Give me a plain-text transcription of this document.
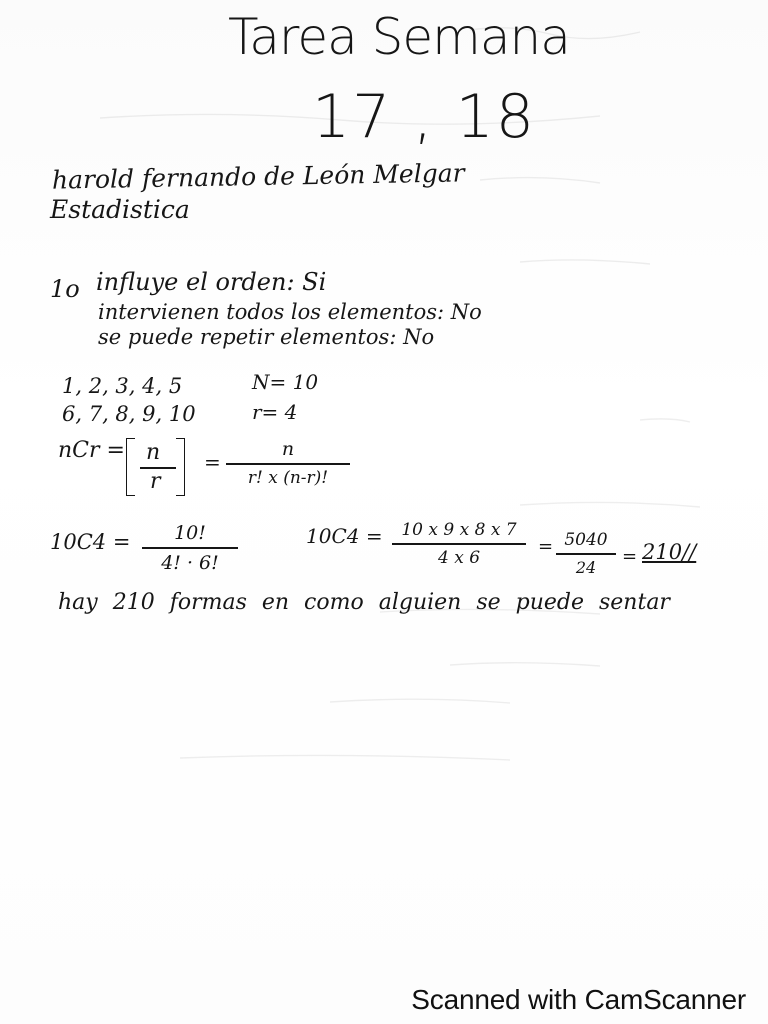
Tarea Semana
17 , 18
harold fernando de León Melgar
Estadistica
1o influye el orden: Si
intervienen todos los elementos: No
se puede repetir elementos: No
1, 2, 3, 4, 5
6, 7, 8, 9, 10
N= 10
r= 4
nCr = n
r
=
n
r! x (n-r)!
10C4 =	10!
4! · 6!
10C4 =	10 x 9 x 8 x 7
4 x 6
= 5040
24
= 210//
hay 210 formas en como alguien se puede sentar
Scanned with CamScanner
